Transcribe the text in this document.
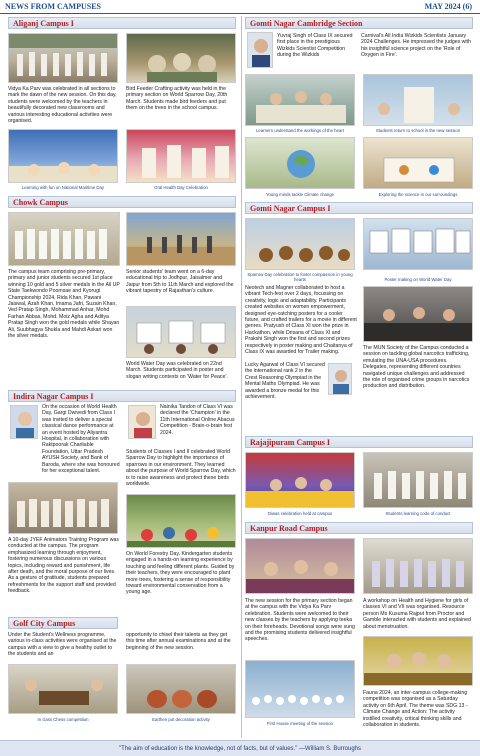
NEWS FROM CAMPUSES	MAY 2024 (6)
Aliganj Campus I
Vidya Ka Parv was celebrated in all sections to mark the dawn of the new session. On this day, students were welcomed by the teachers in beautifully decorated new classrooms and various interesting educational activities were organised.
Bird Feeder Crafting activity was held in the primary section on World Sparrow Day, 20th March. Students made bird feeders and put them on the trees in the school campus.
Learning with fun on National Maritime Day	Oral Health Day Celebration
Chowk Campus
The campus team comprising pre-primary, primary and junior students secured 1st place winning 10 gold and 5 silver medals in the All UP State Taekwondo Poomsae and Kyorugi Championship 2024. Rida Khan, Pawani Jaiswal, Azah Khan, Imama Jafri, Suzain Khan, Ved Pratap Singh, Mohammad Anhar, Mohd Farhan Abbas, Mohd. Moiz Agha and Aditya Pratap Singh won the gold medals while Shayan Ali, Suubhagya Shukla and Mahdi Askari won the silver medals.
Senior students' team went on a 6-day educational trip to Jodhpur, Jaisalmer and Jaipur from 5th to 11th March and explored the vibrant tapestry of Rajasthan's culture.
World Water Day was celebrated on 22nd March. Students participated in poster and slogan writing contests on 'Water for Peace'.
Indira Nagar Campus I
On the occasion of World Health Day, Gargi Dwivedi from Class I was invited to deliver a special classical dance performance at an event hosted by Aliyantra Hospital, in collaboration with Raktpoorak Charitable Foundation, Uttar Pradesh AYUSH Society, and Bank of Baroda, where she was honoured for her exceptional talent.
Nainika Tandon of Class VI was declared the 'Champion' in the 11th International Online Abacus Competition - Brain-o-brain fest 2024.
Students of Classes I and II celebrated World Sparrow Day to highlight the importance of sparrows in our environment. They learned about the purpose of World Sparrow Day, which is to raise awareness and protect these birds worldwide.
A 10-day JYEF Animators Training Program was conducted at the campus. The program emphasized learning through enjoyment, fostering numerous discussions on various topics, including reward and punishment, life after death, and the moral purpose of our lives. As a gesture of gratitude, students prepared refreshments for the support staff and provided feedback.
On World Forestry Day, Kindergarten students engaged in a hands-on learning experience by touching and feeling different plants. Guided by their teachers, they were encouraged to plant more trees, fostering a sense of responsibility toward environmental conservation from a young age.
Golf City Campus
Under the Student's Wellness programme, various in-class activities were organised at the campus with a view to give a healthy outlet to the students and an
opportunity to chisel their talents as they get this time after annual examinations and at the beginning of the new session.
In class Chess competition	Earthen pot decoration activity
Gomti Nagar Cambridge Section
Yuvraj Singh of Class IX secured first place in the prestigious Wizkids Scientist Competition during the Wizkids
Carnival's All India Wizkids Scientists January 2024 Challenges. He impressed the judges with his insightful science project on the 'Role of Oxygen in Fire'.
Learners understand the workings of the heart	Students return to school in the new session
Young minds tackle Climate change	Exploring the science in our surroundings
Gomti Nagar Campus I
Sparrow Day celebration to foster compassion in young hearts	Poster making on World Water Day
Neotech and Magner collaborated to host a vibrant Tech-fest over 2 days, focussing on creativity, logic and adaptability. Participants created websites on women empowerment, designed eye-catching posters for a cooler future, and crafted trailers for a movie in different genres. Pratyush of Class XI won the prize in Hackathon, while Drisana of Class XI and Prakshi Singh won the first and second prizes respectively in poster making and Chaitanya of Class IX was awarded for Trailer making.
The MUN Society of the Campus conducted a session on tackling global narcotics trafficking, emulating the UNA-USA procedures. Delegates, representing different countries navigated unique challenges and addressed the role of organised crime groups in narcotics production and distribution.
Lucky Agarwal of Class VI secured the international rank 2 in the Crest Reasoning Olympiad in the Mental Maths Olympiad. He was awarded a bronze medal for this achievement.
Rajajipuram Campus I
Diwas celebration held at campus	Students learning code of conduct
Kanpur Road Campus
The new session for the primary section began at the campus with the Vidya Ka Parv celebration. Students were welcomed to their new classes by the teachers by applying teeka on their foreheads. Devotional songs were sung and the promising students delivered insightful speeches.
A workshop on Health and Hygiene for girls of classes VI and VII was organised. Resource person Ms Kusuma Rajput from Proctor and Gamble interacted with students and explained about menstruation.
Fauna 2024, an inter-campus college-making competition was organised as a Saturday activity on 6th April. The theme was SDG 13 - Climate Change and Action: The activity instilled creativity, critical thinking skills and collaboration in students.
First House meeting of the session
"The aim of education is the knowledge, not of facts, but of values." —William S. Burroughs
